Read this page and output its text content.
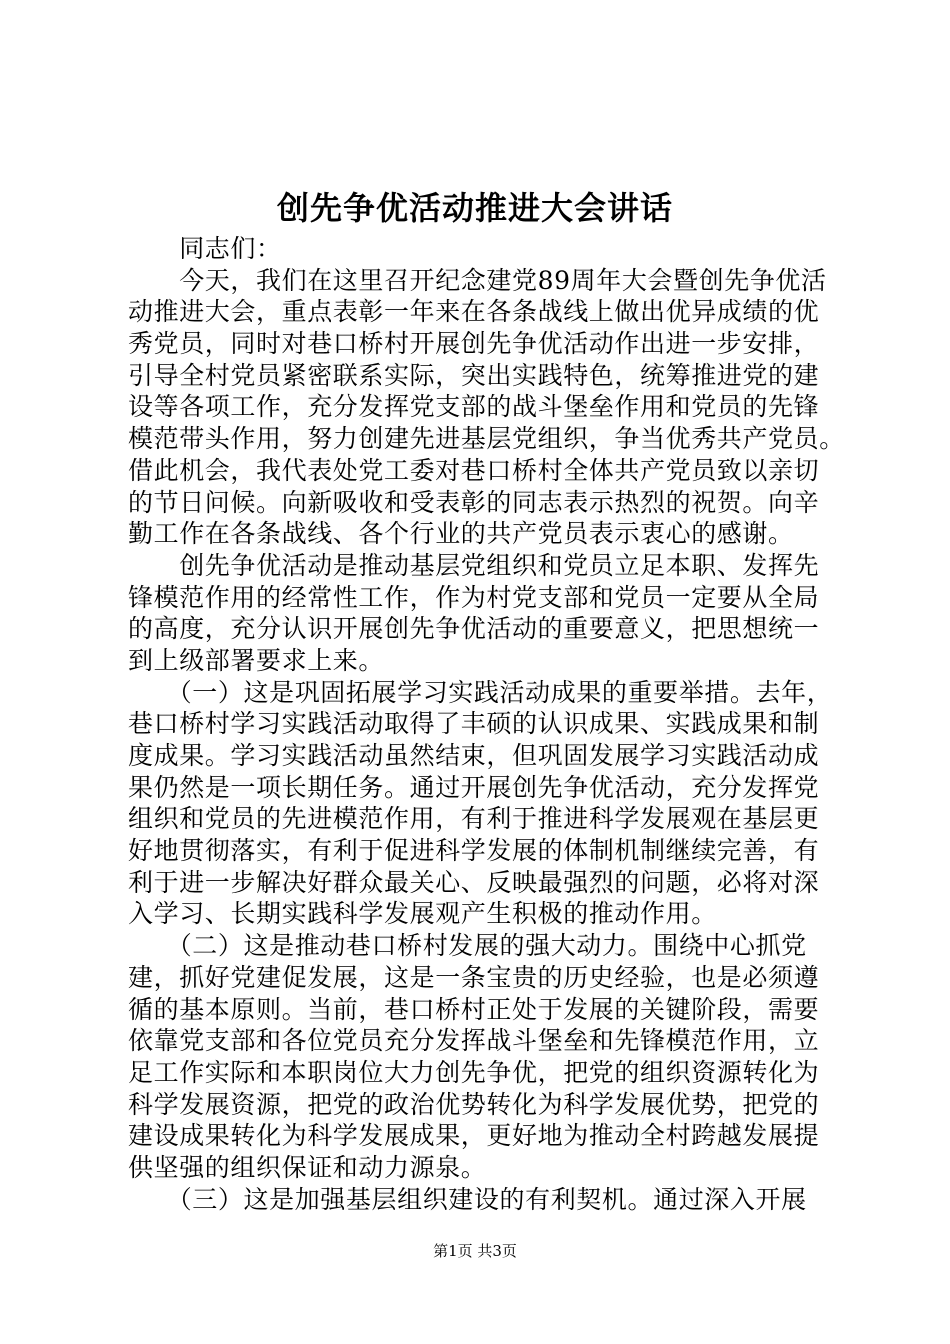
创先争优活动推进大会讲话
　　同志们：
　　今天，我们在这里召开纪念建党89周年大会暨创先争优活
动推进大会，重点表彰一年来在各条战线上做出优异成绩的优
秀党员，同时对巷口桥村开展创先争优活动作出进一步安排，
引导全村党员紧密联系实际，突出实践特色，统筹推进党的建
设等各项工作，充分发挥党支部的战斗堡垒作用和党员的先锋
模范带头作用，努力创建先进基层党组织，争当优秀共产党员。
借此机会，我代表处党工委对巷口桥村全体共产党员致以亲切
的节日问候。向新吸收和受表彰的同志表示热烈的祝贺。向辛
勤工作在各条战线、各个行业的共产党员表示衷心的感谢。
　　创先争优活动是推动基层党组织和党员立足本职、发挥先
锋模范作用的经常性工作，作为村党支部和党员一定要从全局
的高度，充分认识开展创先争优活动的重要意义，把思想统一
到上级部署要求上来。
　　（一）这是巩固拓展学习实践活动成果的重要举措。去年，
巷口桥村学习实践活动取得了丰硕的认识成果、实践成果和制
度成果。学习实践活动虽然结束，但巩固发展学习实践活动成
果仍然是一项长期任务。通过开展创先争优活动，充分发挥党
组织和党员的先进模范作用，有利于推进科学发展观在基层更
好地贯彻落实，有利于促进科学发展的体制机制继续完善，有
利于进一步解决好群众最关心、反映最强烈的问题，必将对深
入学习、长期实践科学发展观产生积极的推动作用。
　　（二）这是推动巷口桥村发展的强大动力。围绕中心抓党
建，抓好党建促发展，这是一条宝贵的历史经验，也是必须遵
循的基本原则。当前，巷口桥村正处于发展的关键阶段，需要
依靠党支部和各位党员充分发挥战斗堡垒和先锋模范作用，立
足工作实际和本职岗位大力创先争优，把党的组织资源转化为
科学发展资源，把党的政治优势转化为科学发展优势，把党的
建设成果转化为科学发展成果，更好地为推动全村跨越发展提
供坚强的组织保证和动力源泉。
　　（三）这是加强基层组织建设的有利契机。通过深入开展
第1页 共3页
